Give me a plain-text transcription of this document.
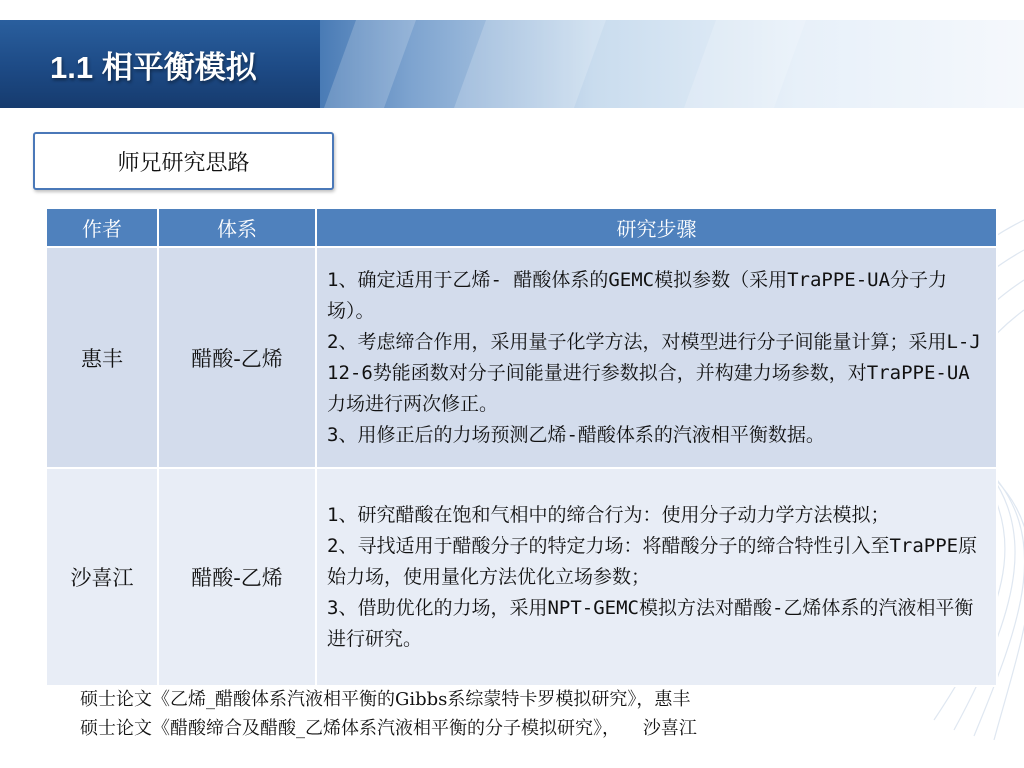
1.1 相平衡模拟
师兄研究思路
作者	体系	研究步骤
惠丰	醋酸-乙烯	1、确定适用于乙烯- 醋酸体系的GEMC模拟参数（采用TraPPE-UA分子力场）。

2、考虑缔合作用，采用量子化学方法，对模型进行分子间能量计算；采用L-J 12-6势能函数对分子间能量进行参数拟合，并构建力场参数，对TraPPE-UA力场进行两次修正。

3、用修正后的力场预测乙烯-醋酸体系的汽液相平衡数据。

沙喜江	醋酸-乙烯	1、研究醋酸在饱和气相中的缔合行为：使用分子动力学方法模拟；

2、寻找适用于醋酸分子的特定力场：将醋酸分子的缔合特性引入至TraPPE原始力场，使用量化方法优化立场参数；

3、借助优化的力场，采用NPT-GEMC模拟方法对醋酸-乙烯体系的汽液相平衡进行研究。

硕士论文《乙烯_醋酸体系汽液相平衡的Gibbs系综蒙特卡罗模拟研究》，惠丰
硕士论文《醋酸缔合及醋酸_乙烯体系汽液相平衡的分子模拟研究》，    沙喜江
